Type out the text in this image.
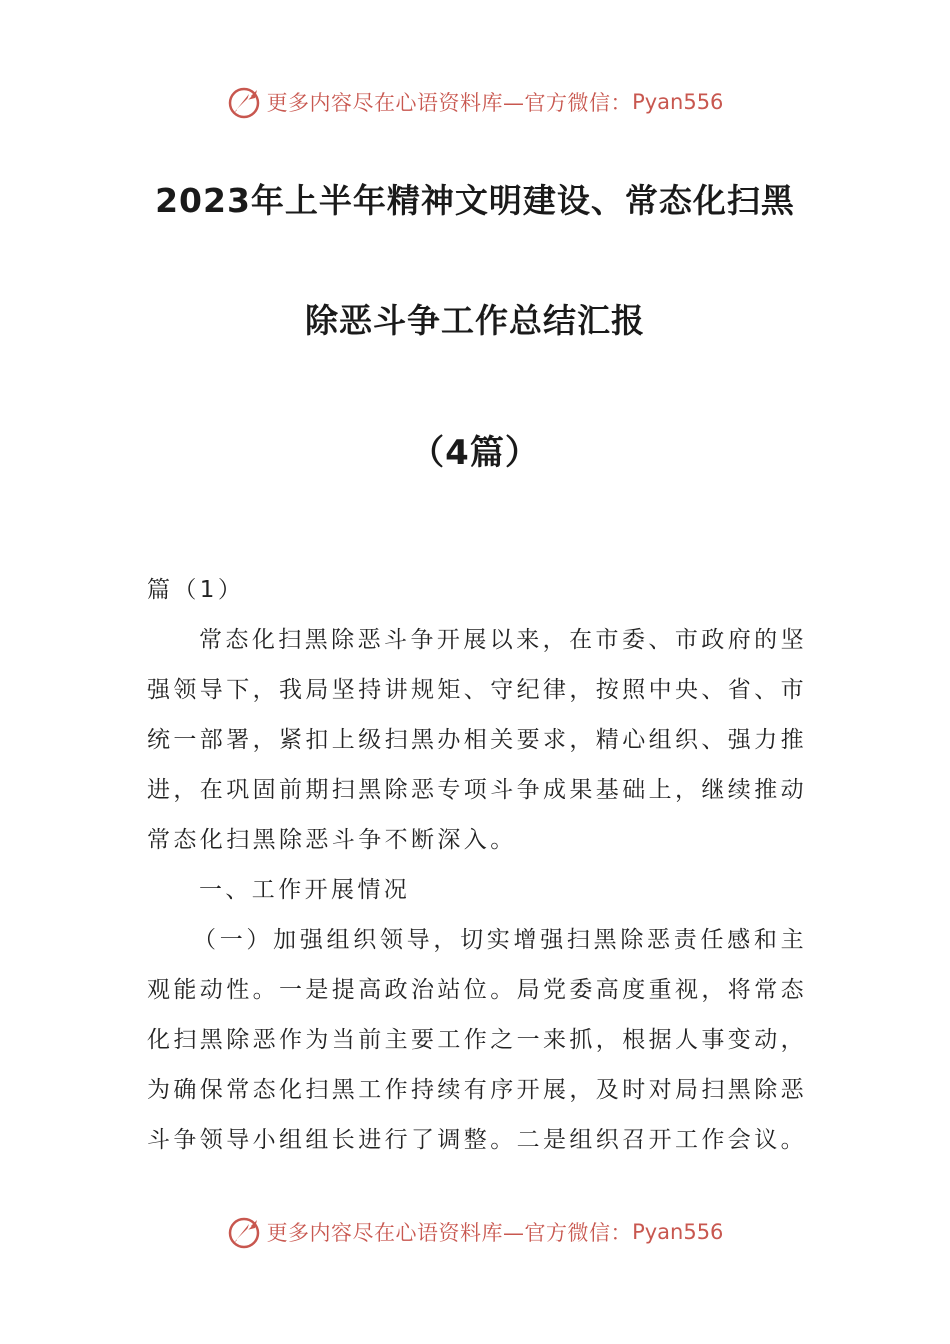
更多内容尽在心语资料库—官方微信： Pyan556
2023年上半年精神文明建设、常态化扫黑
除恶斗争工作总结汇报
（4篇）

篇（1）

常态化扫黑除恶斗争开展以来，在市委、市政府的坚强领导下，我局坚持讲规矩、守纪律，按照中央、省、市统一部署，紧扣上级扫黑办相关要求，精心组织、强力推进，在巩固前期扫黑除恶专项斗争成果基础上，继续推动常态化扫黑除恶斗争不断深入。

一、工作开展情况

（一）加强组织领导，切实增强扫黑除恶责任感和主观能动性。一是提高政治站位。局党委高度重视，将常态化扫黑除恶作为当前主要工作之一来抓，根据人事变动，为确保常态化扫黑工作持续有序开展，及时对局扫黑除恶斗争领导小组组长进行了调整。二是组织召开工作会议。

更多内容尽在心语资料库—官方微信： Pyan556
